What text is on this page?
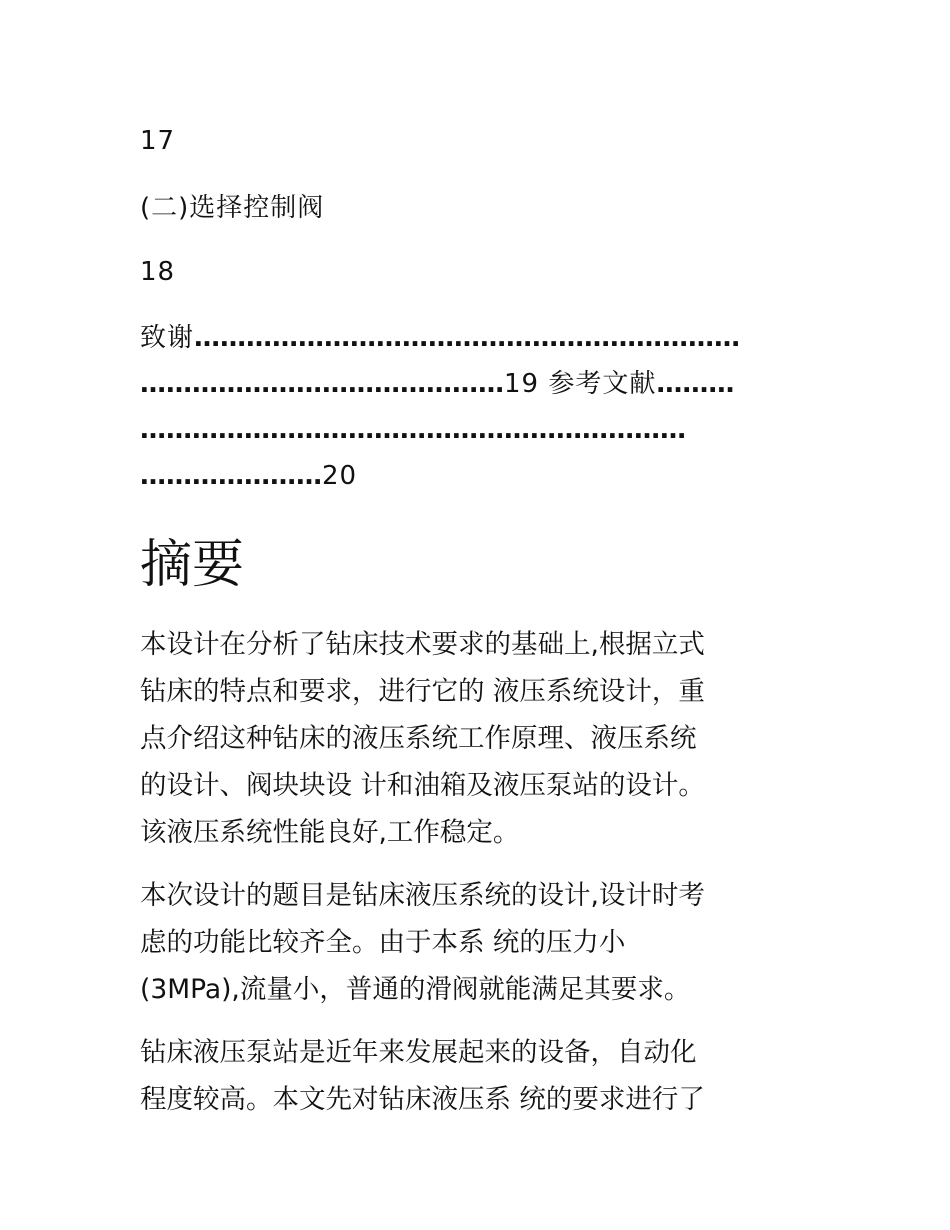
17
(二)选择控制阀
18
致谢………………………………………………………
……………………………………19 参考文献………
………………………………………………………
…………………20
摘要

本设计在分析了钻床技术要求的基础上,根据立式
钻床的特点和要求，进行它的 液压系统设计，重
点介绍这种钻床的液压系统工作原理、液压系统
的设计、阀块块设 计和油箱及液压泵站的设计。
该液压系统性能良好,工作稳定。

本次设计的题目是钻床液压系统的设计,设计时考
虑的功能比较齐全。由于本系 统的压力小
(3MPa),流量小，普通的滑阀就能满足其要求。

钻床液压泵站是近年来发展起来的设备，自动化
程度较高。本文先对钻床液压系 统的要求进行了
